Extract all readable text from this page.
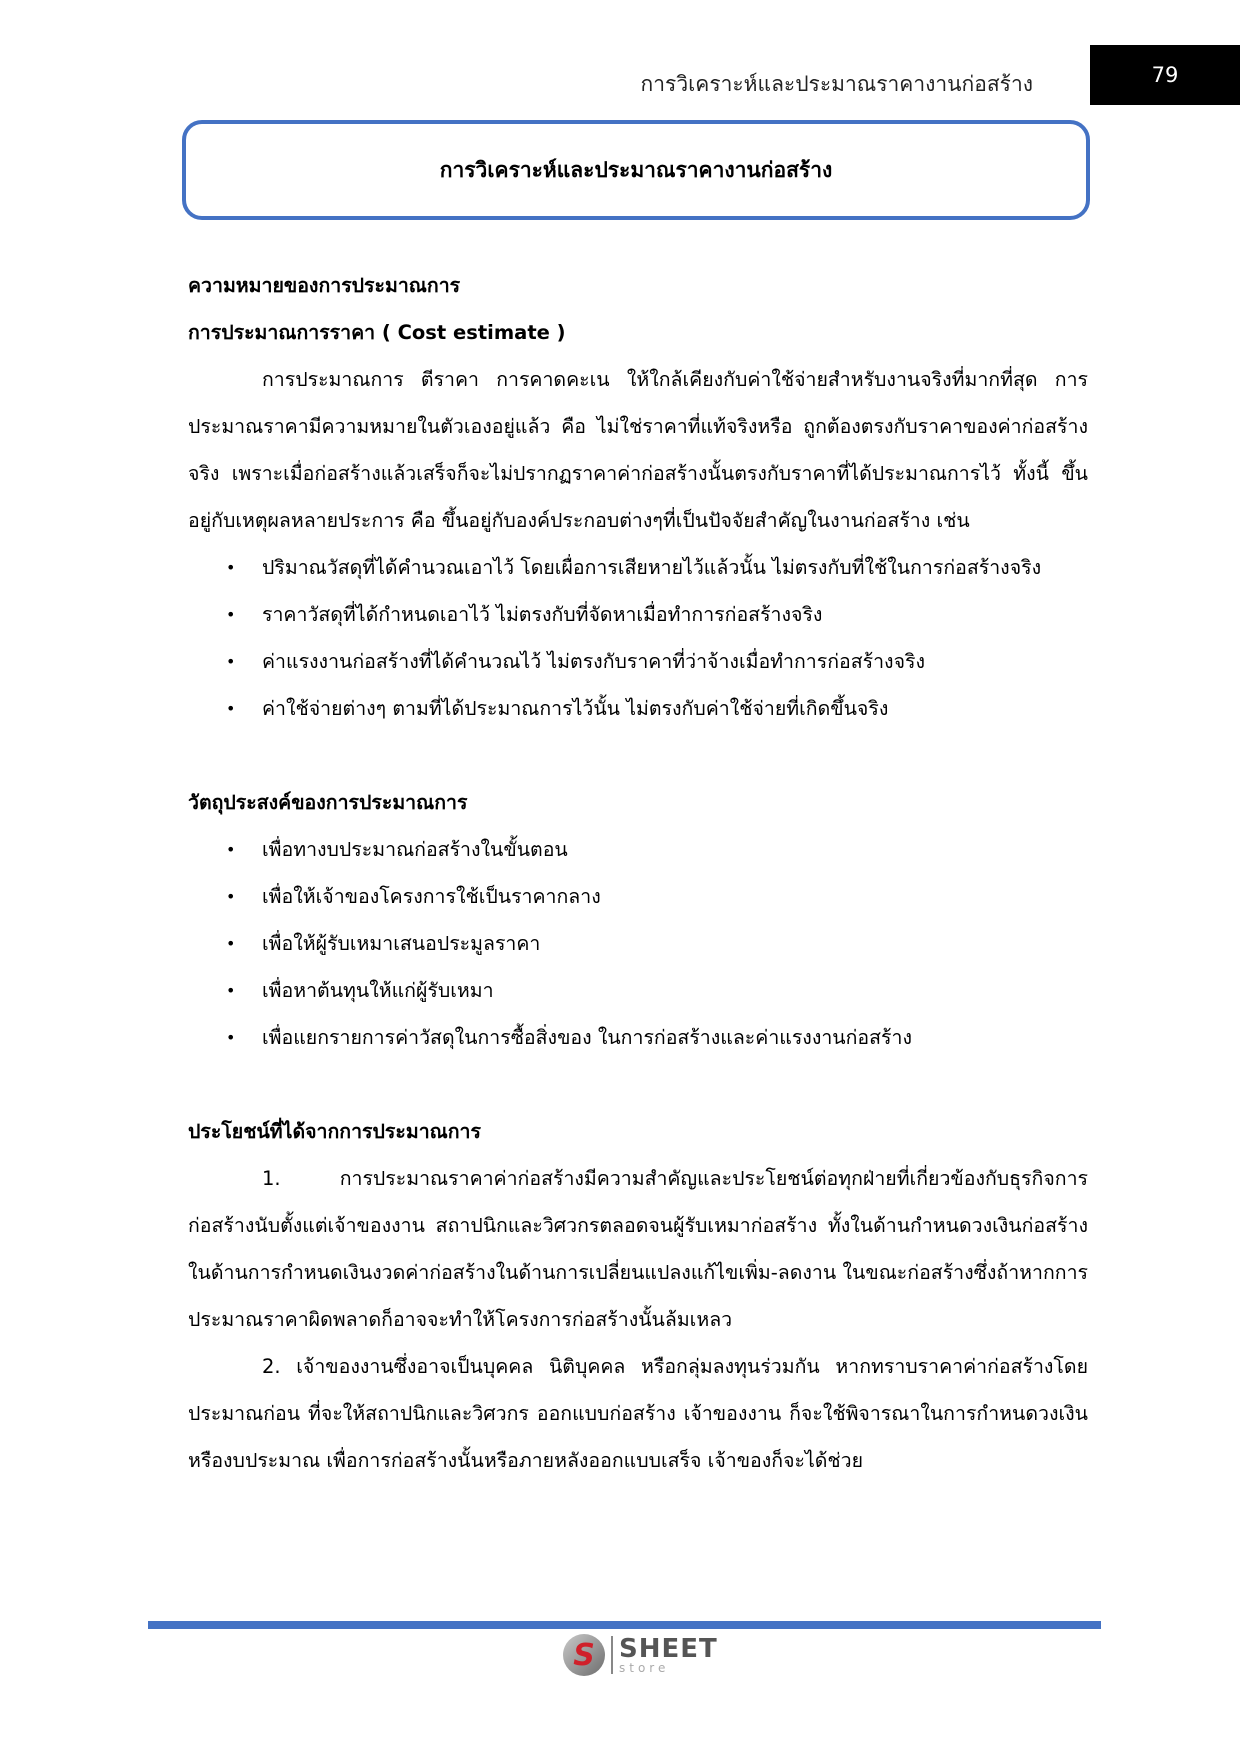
การวิเคราะห์และประมาณราคางานก่อสร้าง	79
การวิเคราะห์และประมาณราคางานก่อสร้าง
ความหมายของการประมาณการ
การประมาณการราคา ( Cost estimate )

การประมาณการ ตีราคา การคาดคะเน ให้ใกล้เคียงกับค่าใช้จ่ายสำหรับงานจริงที่มากที่สุด การประมาณราคามีความหมายในตัวเองอยู่แล้ว คือ ไม่ใช่ราคาที่แท้จริงหรือ ถูกต้องตรงกับราคาของค่าก่อสร้างจริง เพราะเมื่อก่อสร้างแล้วเสร็จก็จะไม่ปรากฏราคาค่าก่อสร้างนั้นตรงกับราคาที่ได้ประมาณการไว้ ทั้งนี้ ขึ้นอยู่กับเหตุผลหลายประการ คือ ขึ้นอยู่กับองค์ประกอบต่างๆที่เป็นปัจจัยสำคัญในงานก่อสร้าง เช่น

• ปริมาณวัสดุที่ได้คำนวณเอาไว้ โดยเผื่อการเสียหายไว้แล้วนั้น ไม่ตรงกับที่ใช้ในการก่อสร้างจริง
• ราคาวัสดุที่ได้กำหนดเอาไว้ ไม่ตรงกับที่จัดหาเมื่อทำการก่อสร้างจริง
• ค่าแรงงานก่อสร้างที่ได้คำนวณไว้ ไม่ตรงกับราคาที่ว่าจ้างเมื่อทำการก่อสร้างจริง
• ค่าใช้จ่ายต่างๆ ตามที่ได้ประมาณการไว้นั้น ไม่ตรงกับค่าใช้จ่ายที่เกิดขึ้นจริง
วัตถุประสงค์ของการประมาณการ
• เพื่อทางบประมาณก่อสร้างในขั้นตอน
• เพื่อให้เจ้าของโครงการใช้เป็นราคากลาง
• เพื่อให้ผู้รับเหมาเสนอประมูลราคา
• เพื่อหาต้นทุนให้แก่ผู้รับเหมา
• เพื่อแยกรายการค่าวัสดุในการซื้อสิ่งของ ในการก่อสร้างและค่าแรงงานก่อสร้าง
ประโยชน์ที่ได้จากการประมาณการ

1. การประมาณราคาค่าก่อสร้างมีความสำคัญและประโยชน์ต่อทุกฝ่ายที่เกี่ยวข้องกับธุรกิจการก่อสร้างนับตั้งแต่เจ้าของงาน สถาปนิกและวิศวกรตลอดจนผู้รับเหมาก่อสร้าง ทั้งในด้านกำหนดวงเงินก่อสร้าง ในด้านการกำหนดเงินงวดค่าก่อสร้างในด้านการเปลี่ยนแปลงแก้ไขเพิ่ม-ลดงาน ในขณะก่อสร้างซึ่งถ้าหากการประมาณราคาผิดพลาดก็อาจจะทำให้โครงการก่อสร้างนั้นล้มเหลว

2. เจ้าของงานซึ่งอาจเป็นบุคคล นิติบุคคล หรือกลุ่มลงทุนร่วมกัน หากทราบราคาค่าก่อสร้างโดยประมาณก่อน ที่จะให้สถาปนิกและวิศวกร ออกแบบก่อสร้าง เจ้าของงาน ก็จะใช้พิจารณาในการกำหนดวงเงิน หรืองบประมาณ เพื่อการก่อสร้างนั้นหรือภายหลังออกแบบเสร็จ เจ้าของก็จะได้ช่วย

S SHEET
store
